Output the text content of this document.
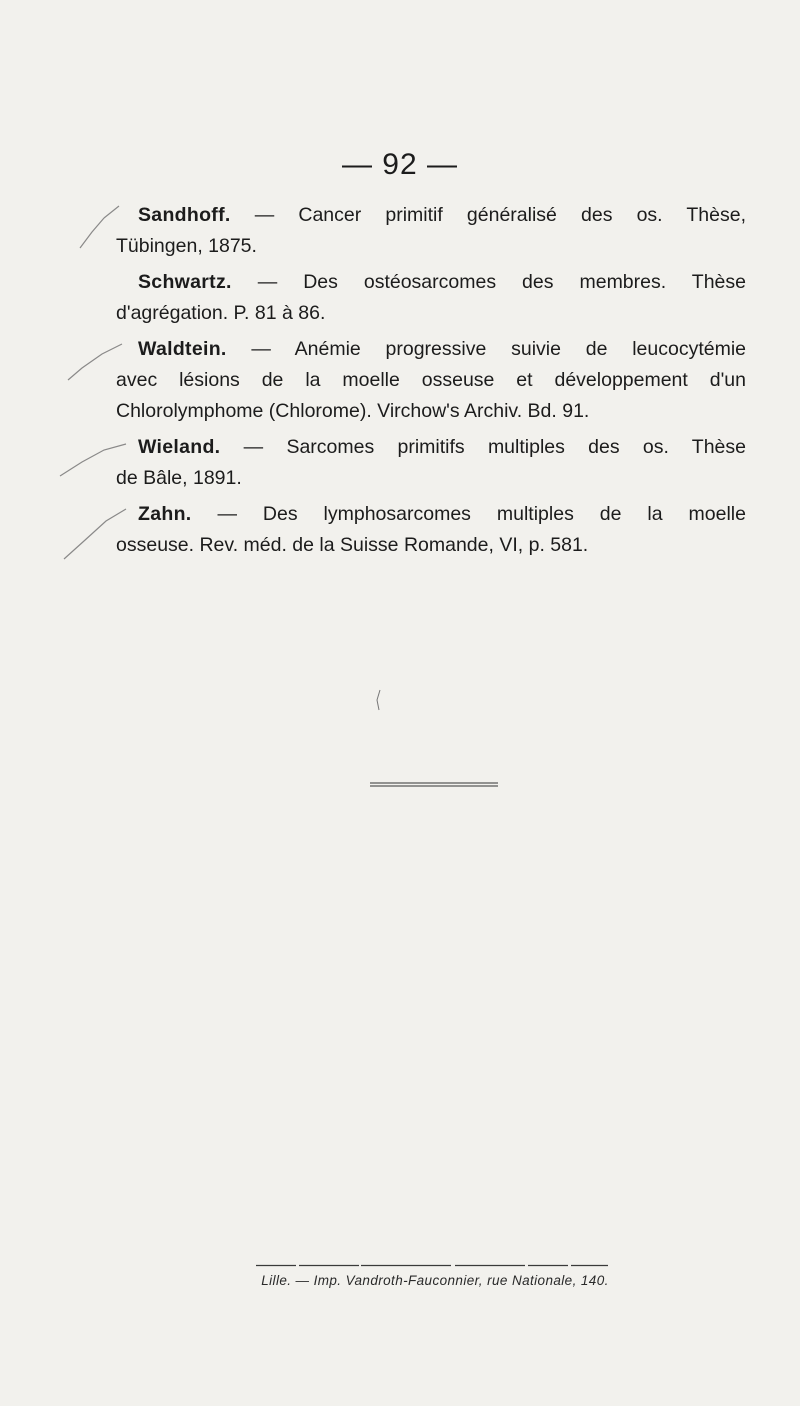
— 92 —
Sandhoff. — Cancer primitif généralisé des os. Thèse,
Tübingen, 1875.
Schwartz. — Des ostéosarcomes des membres. Thèse
d'agrégation. P. 81 à 86.
Waldtein. — Anémie progressive suivie de leucocytémie
avec lésions de la moelle osseuse et développement d'un Chlorolymphome (Chlorome). Virchow's Archiv. Bd. 91.
Wieland. — Sarcomes primitifs multiples des os. Thèse
de Bâle, 1891.
Zahn. — Des lymphosarcomes multiples de la moelle
osseuse. Rev. méd. de la Suisse Romande, VI, p. 581.
Lille. — Imp. Vandroth-Fauconnier, rue Nationale, 140.
